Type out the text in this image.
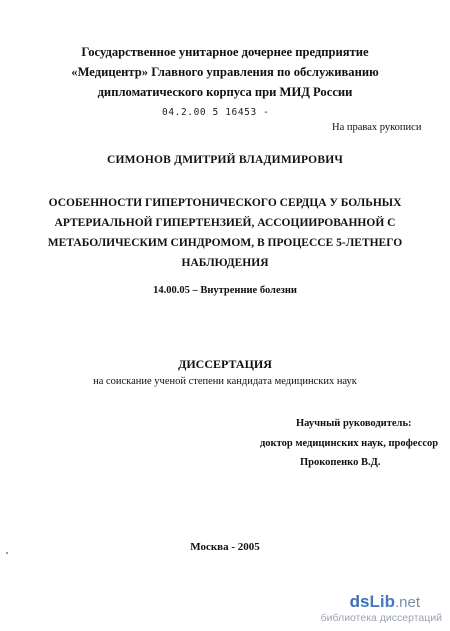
Государственное унитарное дочернее предприятие
«Медицентр» Главного управления по обслуживанию
дипломатического корпуса при МИД России
04.2.00 5 16453 -
На правах рукописи
СИМОНОВ ДМИТРИЙ ВЛАДИМИРОВИЧ
ОСОБЕННОСТИ ГИПЕРТОНИЧЕСКОГО СЕРДЦА У БОЛЬНЫХ
АРТЕРИАЛЬНОЙ ГИПЕРТЕНЗИЕЙ, АССОЦИИРОВАННОЙ С
МЕТАБОЛИЧЕСКИМ СИНДРОМОМ, В ПРОЦЕССЕ 5-ЛЕТНЕГО
НАБЛЮДЕНИЯ
14.00.05 – Внутренние болезни
ДИССЕРТАЦИЯ
на соискание ученой степени кандидата медицинских наук
Научный руководитель:
доктор медицинских наук, профессор
Прокопенко В.Д.
Москва - 2005
dsLib.net
библиотека диссертаций
